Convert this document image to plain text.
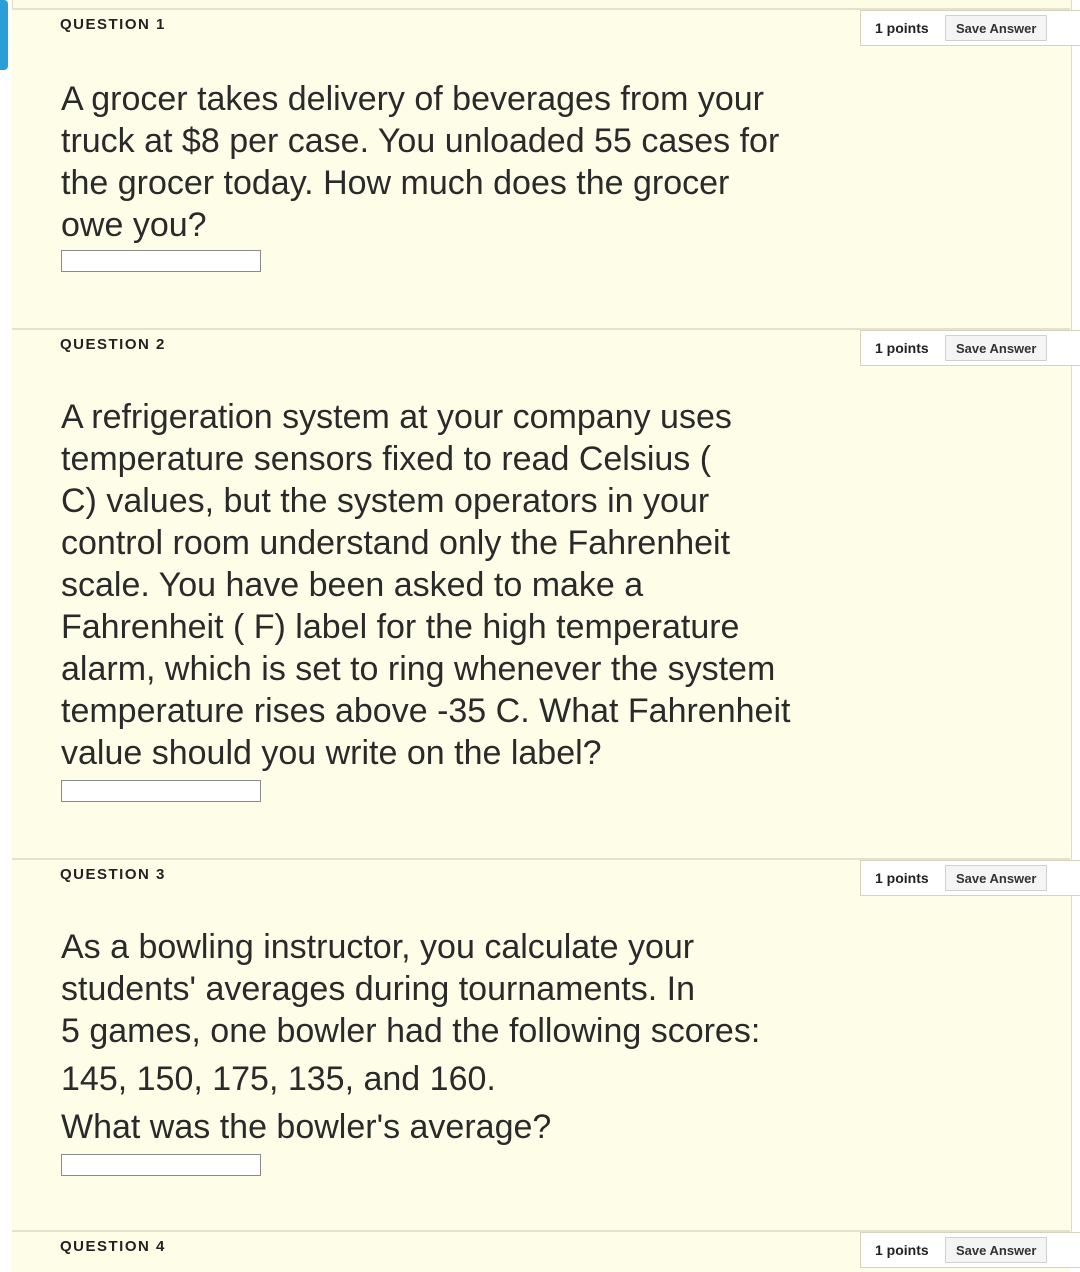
QUESTION 1	1 points	Save Answer
A grocer takes delivery of beverages from your
truck at $8 per case. You unloaded 55 cases for
the grocer today. How much does the grocer
owe you?
QUESTION 2	1 points	Save Answer
A refrigeration system at your company uses
temperature sensors fixed to read Celsius (
C) values, but the system operators in your
control room understand only the Fahrenheit
scale. You have been asked to make a
Fahrenheit ( F) label for the high temperature
alarm, which is set to ring whenever the system
temperature rises above -35 C. What Fahrenheit
value should you write on the label?
QUESTION 3	1 points	Save Answer
As a bowling instructor, you calculate your
students' averages during tournaments. In
5 games, one bowler had the following scores:
145, 150, 175, 135, and 160.
What was the bowler's average?
QUESTION 4	1 points	Save Answer
